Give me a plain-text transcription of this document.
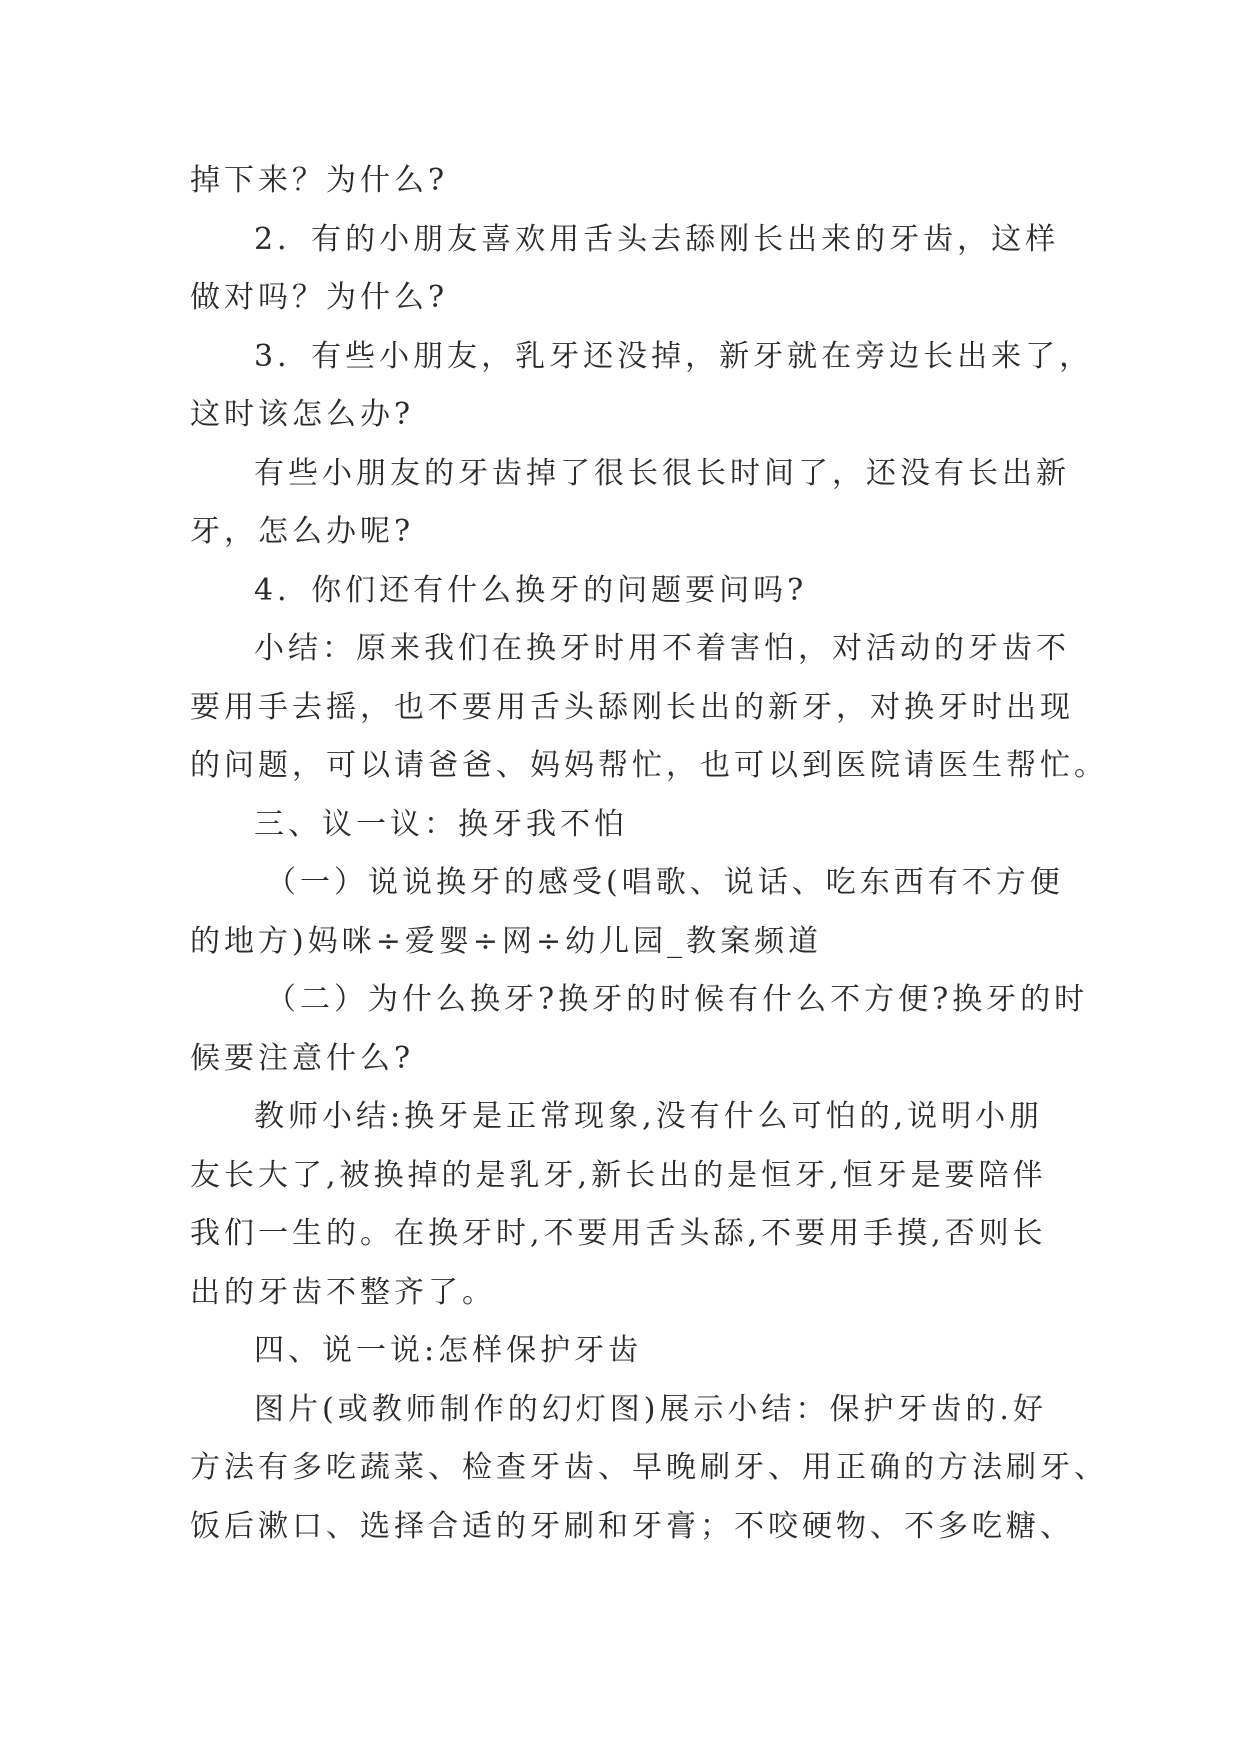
掉下来？为什么?
2．有的小朋友喜欢用舌头去舔刚长出来的牙齿，这样
做对吗？为什么?
3．有些小朋友，乳牙还没掉，新牙就在旁边长出来了，
这时该怎么办?
有些小朋友的牙齿掉了很长很长时间了，还没有长出新
牙，怎么办呢?
4．你们还有什么换牙的问题要问吗?
小结：原来我们在换牙时用不着害怕，对活动的牙齿不
要用手去摇，也不要用舌头舔刚长出的新牙，对换牙时出现
的问题，可以请爸爸、妈妈帮忙，也可以到医院请医生帮忙。
三、议一议：换牙我不怕
（一）说说换牙的感受(唱歌、说话、吃东西有不方便
的地方)妈咪÷爱婴÷网÷幼儿园_教案频道
（二）为什么换牙?换牙的时候有什么不方便?换牙的时
候要注意什么?
教师小结:换牙是正常现象,没有什么可怕的,说明小朋
友长大了,被换掉的是乳牙,新长出的是恒牙,恒牙是要陪伴
我们一生的。在换牙时,不要用舌头舔,不要用手摸,否则长
出的牙齿不整齐了。
四、说一说:怎样保护牙齿
图片(或教师制作的幻灯图)展示小结：保护牙齿的.好
方法有多吃蔬菜、检查牙齿、早晚刷牙、用正确的方法刷牙、
饭后漱口、选择合适的牙刷和牙膏；不咬硬物、不多吃糖、
